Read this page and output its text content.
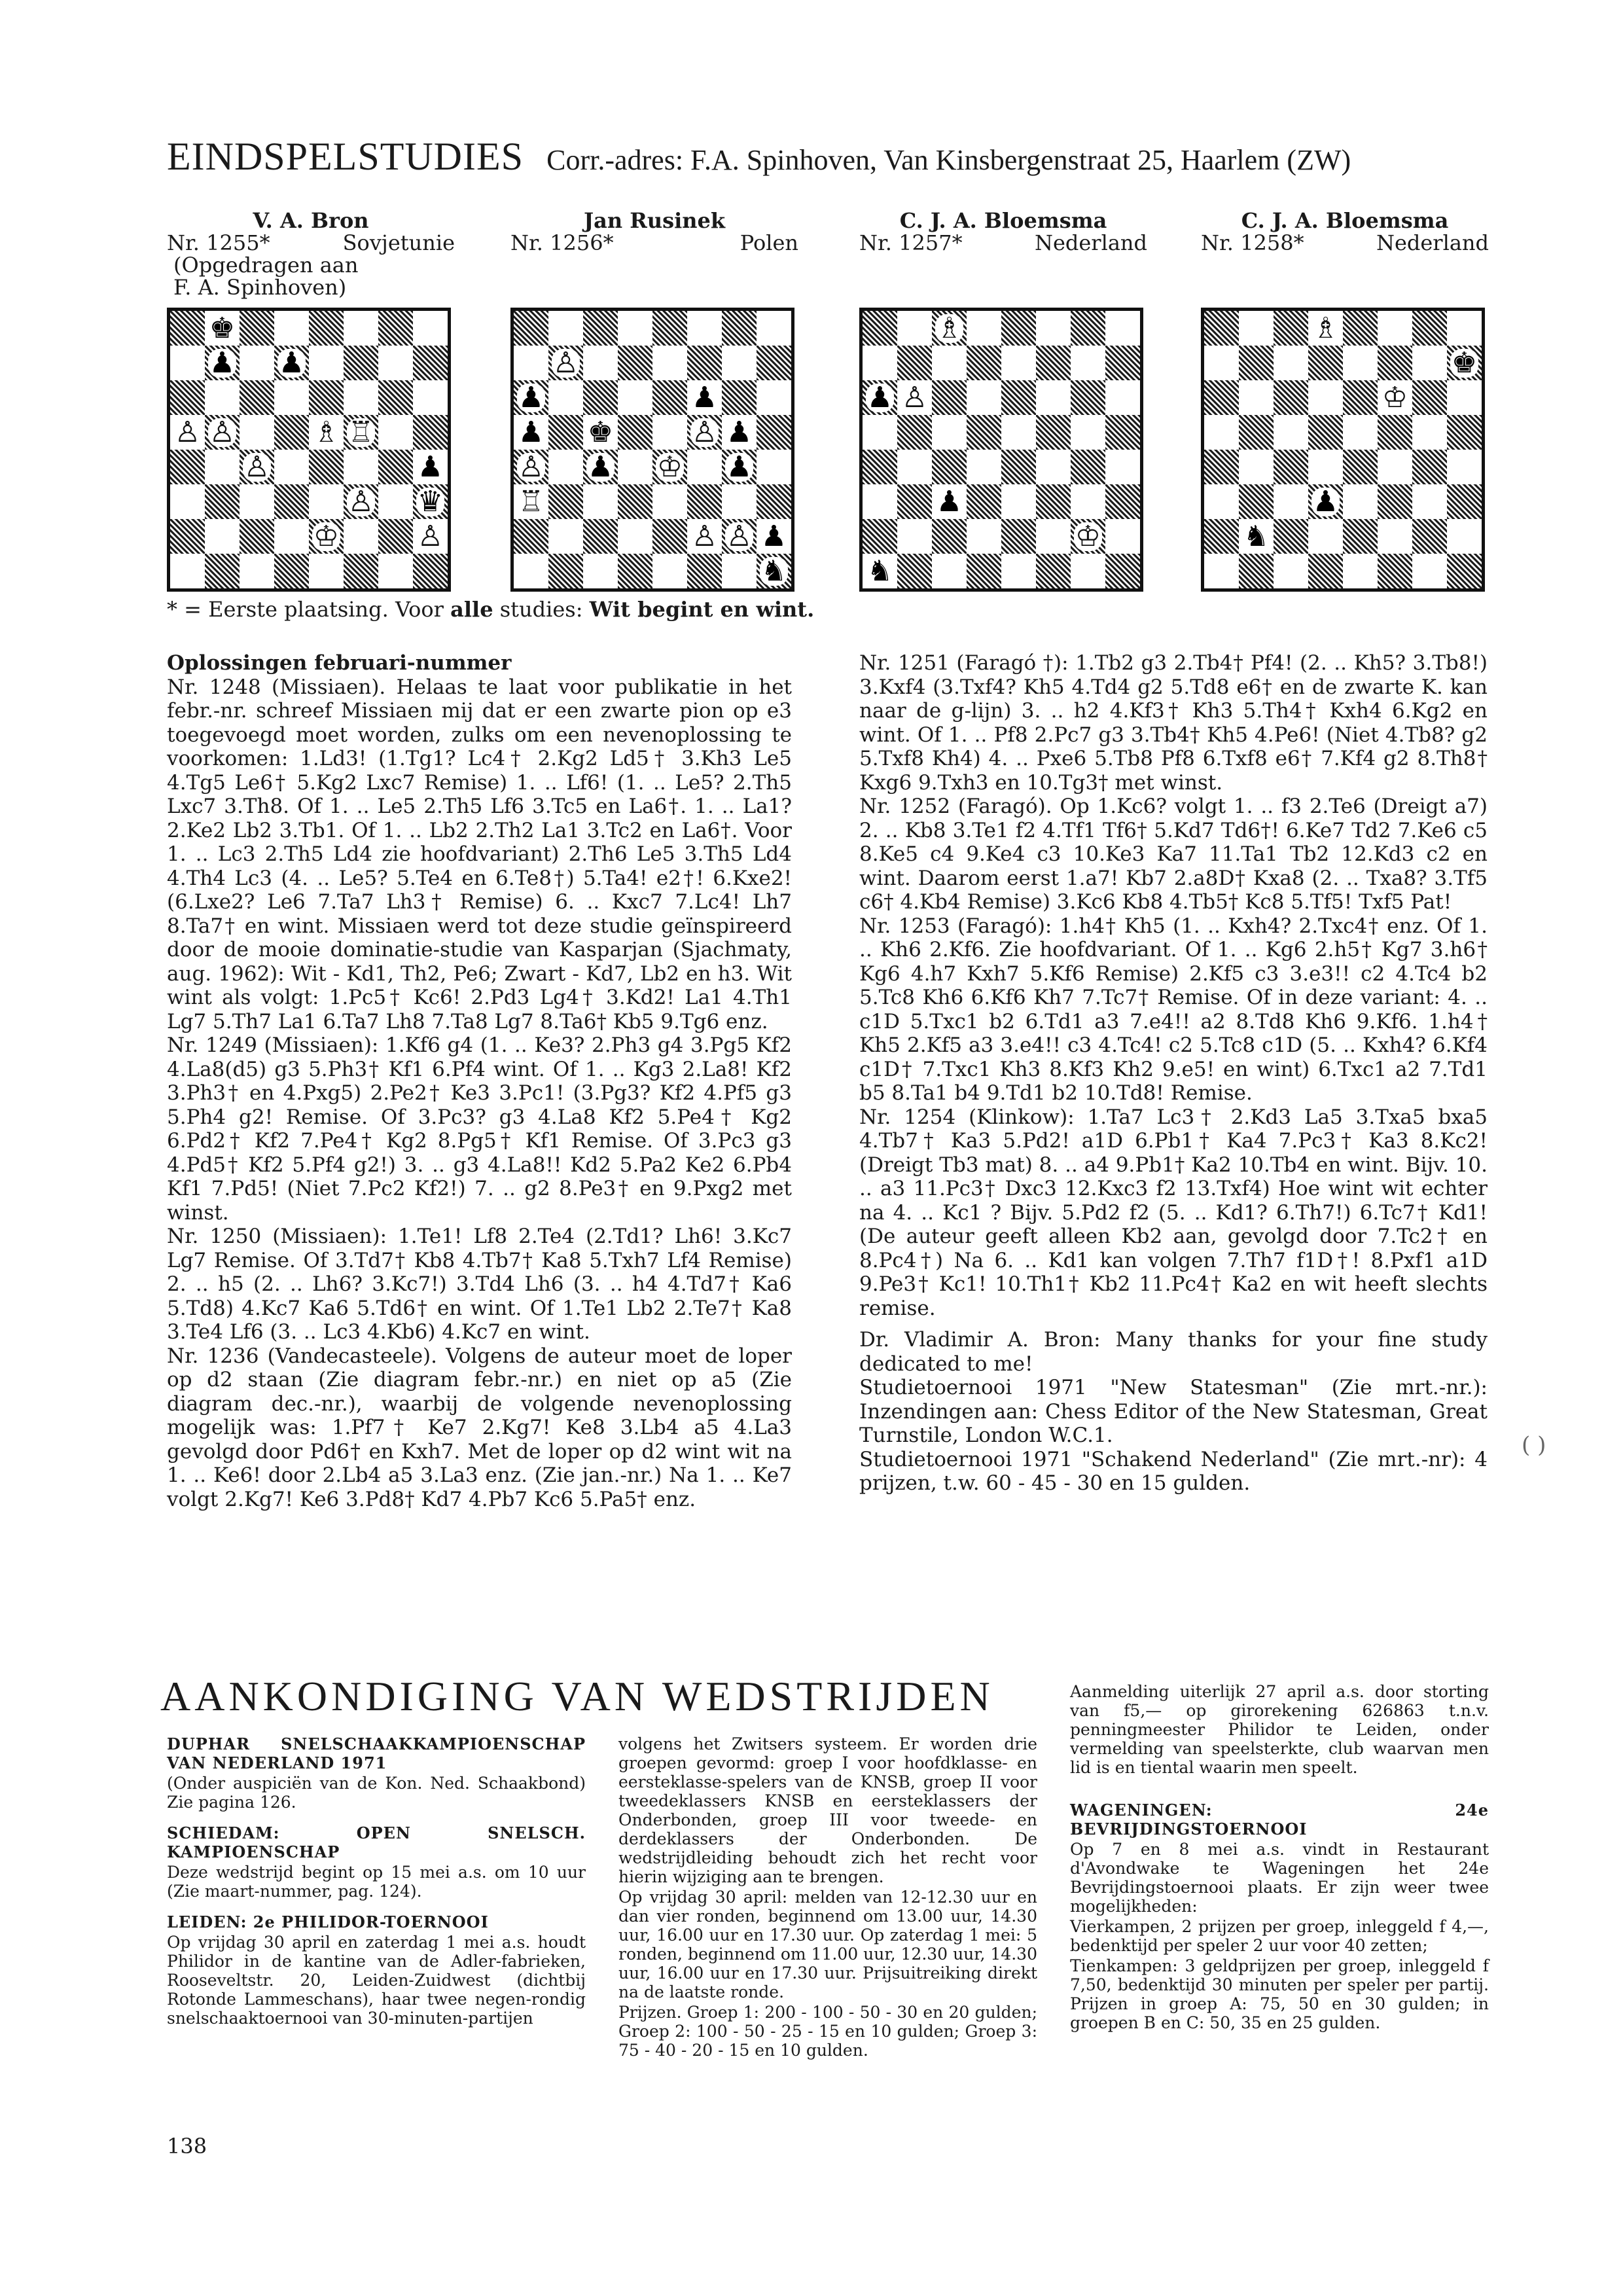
EINDSPELSTUDIES Corr.-adres: F.A. Spinhoven, Van Kinsbergenstraat 25, Haarlem (ZW)
V. A. Bron
Nr. 1255*	Sovjetunie
(Opgedragen aan
F. A. Spinhoven)
Jan Rusinek
Nr. 1256*	Polen
C. J. A. Bloemsma
Nr. 1257*	Nederland
C. J. A. Bloemsma
Nr. 1258*	Nederland
♚
♟ ♟
♙ ♙	♗ ♖
♙	♟
♙ ♛
♔	♙
♙
♟	♟
♟ ♚	♙ ♟
♙ ♟ ♔ ♟
♖
♙ ♙ ♟
♞
♗
♟ ♙
♟
♔
♞
♗
♚
♔
♟
♞
* = Eerste plaatsing. Voor alle studies: Wit begint en wint.

Oplossingen februari-nummer

Nr. 1248 (Missiaen). Helaas te laat voor publikatie in het febr.-nr. schreef Missiaen mij dat er een zwarte pion op e3 toegevoegd moet worden, zulks om een nevenoplossing te voorkomen: 1.Ld3! (1.Tg1? Lc4† 2.Kg2 Ld5† 3.Kh3 Le5 4.Tg5 Le6† 5.Kg2 Lxc7 Remise) 1. .. Lf6! (1. .. Le5? 2.Th5 Lxc7 3.Th8. Of 1. .. Le5 2.Th5 Lf6 3.Tc5 en La6†. 1. .. La1? 2.Ke2 Lb2 3.Tb1. Of 1. .. Lb2 2.Th2 La1 3.Tc2 en La6†. Voor 1. .. Lc3 2.Th5 Ld4 zie hoofdvariant) 2.Th6 Le5 3.Th5 Ld4 4.Th4 Lc3 (4. .. Le5? 5.Te4 en 6.Te8†) 5.Ta4! e2†! 6.Kxe2! (6.Lxe2? Le6 7.Ta7 Lh3† Remise) 6. .. Kxc7 7.Lc4! Lh7 8.Ta7† en wint. Missiaen werd tot deze studie geïnspireerd door de mooie dominatie-studie van Kasparjan (Sjachmaty, aug. 1962): Wit - Kd1, Th2, Pe6; Zwart - Kd7, Lb2 en h3. Wit wint als volgt: 1.Pc5† Kc6! 2.Pd3 Lg4† 3.Kd2! La1 4.Th1 Lg7 5.Th7 La1 6.Ta7 Lh8 7.Ta8 Lg7 8.Ta6† Kb5 9.Tg6 enz.

Nr. 1249 (Missiaen): 1.Kf6 g4 (1. .. Ke3? 2.Ph3 g4 3.Pg5 Kf2 4.La8(d5) g3 5.Ph3† Kf1 6.Pf4 wint. Of 1. .. Kg3 2.La8! Kf2 3.Ph3† en 4.Pxg5) 2.Pe2† Ke3 3.Pc1! (3.Pg3? Kf2 4.Pf5 g3 5.Ph4 g2! Remise. Of 3.Pc3? g3 4.La8 Kf2 5.Pe4† Kg2 6.Pd2† Kf2 7.Pe4† Kg2 8.Pg5† Kf1 Remise. Of 3.Pc3 g3 4.Pd5† Kf2 5.Pf4 g2!) 3. .. g3 4.La8!! Kd2 5.Pa2 Ke2 6.Pb4 Kf1 7.Pd5! (Niet 7.Pc2 Kf2!) 7. .. g2 8.Pe3† en 9.Pxg2 met winst.

Nr. 1250 (Missiaen): 1.Te1! Lf8 2.Te4 (2.Td1? Lh6! 3.Kc7 Lg7 Remise. Of 3.Td7† Kb8 4.Tb7† Ka8 5.Txh7 Lf4 Remise) 2. .. h5 (2. .. Lh6? 3.Kc7!) 3.Td4 Lh6 (3. .. h4 4.Td7† Ka6 5.Td8) 4.Kc7 Ka6 5.Td6† en wint. Of 1.Te1 Lb2 2.Te7† Ka8 3.Te4 Lf6 (3. .. Lc3 4.Kb6) 4.Kc7 en wint.

Nr. 1236 (Vandecasteele). Volgens de auteur moet de loper op d2 staan (Zie diagram febr.-nr.) en niet op a5 (Zie diagram dec.-nr.), waarbij de volgende nevenoplossing mogelijk was: 1.Pf7† Ke7 2.Kg7! Ke8 3.Lb4 a5 4.La3 gevolgd door Pd6† en Kxh7. Met de loper op d2 wint wit na 1. .. Ke6! door 2.Lb4 a5 3.La3 enz. (Zie jan.-nr.) Na 1. .. Ke7 volgt 2.Kg7! Ke6 3.Pd8† Kd7 4.Pb7 Kc6 5.Pa5† enz.

Nr. 1251 (Faragó †): 1.Tb2 g3 2.Tb4† Pf4! (2. .. Kh5? 3.Tb8!) 3.Kxf4 (3.Txf4? Kh5 4.Td4 g2 5.Td8 e6† en de zwarte K. kan naar de g-lijn) 3. .. h2 4.Kf3† Kh3 5.Th4† Kxh4 6.Kg2 en wint. Of 1. .. Pf8 2.Pc7 g3 3.Tb4† Kh5 4.Pe6! (Niet 4.Tb8? g2 5.Txf8 Kh4) 4. .. Pxe6 5.Tb8 Pf8 6.Txf8 e6† 7.Kf4 g2 8.Th8† Kxg6 9.Txh3 en 10.Tg3† met winst.

Nr. 1252 (Faragó). Op 1.Kc6? volgt 1. .. f3 2.Te6 (Dreigt a7) 2. .. Kb8 3.Te1 f2 4.Tf1 Tf6† 5.Kd7 Td6†! 6.Ke7 Td2 7.Ke6 c5 8.Ke5 c4 9.Ke4 c3 10.Ke3 Ka7 11.Ta1 Tb2 12.Kd3 c2 en wint. Daarom eerst 1.a7! Kb7 2.a8D† Kxa8 (2. .. Txa8? 3.Tf5 c6† 4.Kb4 Remise) 3.Kc6 Kb8 4.Tb5† Kc8 5.Tf5! Txf5 Pat!

Nr. 1253 (Faragó): 1.h4† Kh5 (1. .. Kxh4? 2.Txc4† enz. Of 1. .. Kh6 2.Kf6. Zie hoofdvariant. Of 1. .. Kg6 2.h5† Kg7 3.h6† Kg6 4.h7 Kxh7 5.Kf6 Remise) 2.Kf5 c3 3.e3!! c2 4.Tc4 b2 5.Tc8 Kh6 6.Kf6 Kh7 7.Tc7† Remise. Of in deze variant: 4. .. c1D 5.Txc1 b2 6.Td1 a3 7.e4!! a2 8.Td8 Kh6 9.Kf6. 1.h4† Kh5 2.Kf5 a3 3.e4!! c3 4.Tc4! c2 5.Tc8 c1D (5. .. Kxh4? 6.Kf4 c1D† 7.Txc1 Kh3 8.Kf3 Kh2 9.e5! en wint) 6.Txc1 a2 7.Td1 b5 8.Ta1 b4 9.Td1 b2 10.Td8! Remise.

Nr. 1254 (Klinkow): 1.Ta7 Lc3† 2.Kd3 La5 3.Txa5 bxa5 4.Tb7† Ka3 5.Pd2! a1D 6.Pb1† Ka4 7.Pc3† Ka3 8.Kc2! (Dreigt Tb3 mat) 8. .. a4 9.Pb1† Ka2 10.Tb4 en wint. Bijv. 10. .. a3 11.Pc3† Dxc3 12.Kxc3 f2 13.Txf4) Hoe wint wit echter na 4. .. Kc1 ? Bijv. 5.Pd2 f2 (5. .. Kd1? 6.Th7!) 6.Tc7† Kd1! (De auteur geeft alleen Kb2 aan, gevolgd door 7.Tc2† en 8.Pc4†) Na 6. .. Kd1 kan volgen 7.Th7 f1D†! 8.Pxf1 a1D 9.Pe3† Kc1! 10.Th1† Kb2 11.Pc4† Ka2 en wit heeft slechts remise.

Dr. Vladimir A. Bron: Many thanks for your fine study dedicated to me!

Studietoernooi 1971 "New Statesman" (Zie mrt.-nr.): Inzendingen aan: Chess Editor of the New Statesman, Great Turnstile, London W.C.1.

Studietoernooi 1971 "Schakend Nederland" (Zie mrt.-nr): 4 prijzen, t.w. 60 - 45 - 30 en 15 gulden.

( )
AANKONDIGING VAN WEDSTRIJDEN

DUPHAR SNELSCHAAKKAMPIOENSCHAP VAN NEDERLAND 1971

(Onder auspiciën van de Kon. Ned. Schaakbond) Zie pagina 126.

SCHIEDAM: OPEN SNELSCH. KAMPIOENSCHAP

Deze wedstrijd begint op 15 mei a.s. om 10 uur (Zie maart-nummer, pag. 124).

LEIDEN: 2e PHILIDOR-TOERNOOI

Op vrijdag 30 april en zaterdag 1 mei a.s. houdt Philidor in de kantine van de Adler-fabrieken, Rooseveltstr. 20, Leiden-Zuidwest (dichtbij Rotonde Lammeschans), haar twee negen-rondig snelschaaktoernooi van 30-minuten-partijen

volgens het Zwitsers systeem. Er worden drie groepen gevormd: groep I voor hoofdklasse- en eersteklasse-spelers van de KNSB, groep II voor tweedeklassers KNSB en eersteklassers der Onderbonden, groep III voor tweede- en derdeklassers der Onderbonden. De wedstrijdleiding behoudt zich het recht voor hierin wijziging aan te brengen.

Op vrijdag 30 april: melden van 12-12.30 uur en dan vier ronden, beginnend om 13.00 uur, 14.30 uur, 16.00 uur en 17.30 uur. Op zaterdag 1 mei: 5 ronden, beginnend om 11.00 uur, 12.30 uur, 14.30 uur, 16.00 uur en 17.30 uur. Prijsuitreiking direkt na de laatste ronde.

Prijzen. Groep 1: 200 - 100 - 50 - 30 en 20 gulden; Groep 2: 100 - 50 - 25 - 15 en 10 gulden; Groep 3: 75 - 40 - 20 - 15 en 10 gulden.

Aanmelding uiterlijk 27 april a.s. door storting van f5,— op girorekening 626863 t.n.v. penningmeester Philidor te Leiden, onder vermelding van speelsterkte, club waarvan men lid is en tiental waarin men speelt.

WAGENINGEN: 24e BEVRIJDINGSTOERNOOI

Op 7 en 8 mei a.s. vindt in Restaurant d'Avondwake te Wageningen het 24e Bevrijdingstoernooi plaats. Er zijn weer twee mogelijkheden:

Vierkampen, 2 prijzen per groep, inleggeld f 4,—, bedenktijd per speler 2 uur voor 40 zetten;

Tienkampen: 3 geldprijzen per groep, inleggeld f 7,50, bedenktijd 30 minuten per speler per partij. Prijzen in groep A: 75, 50 en 30 gulden; in groepen B en C: 50, 35 en 25 gulden.

138
